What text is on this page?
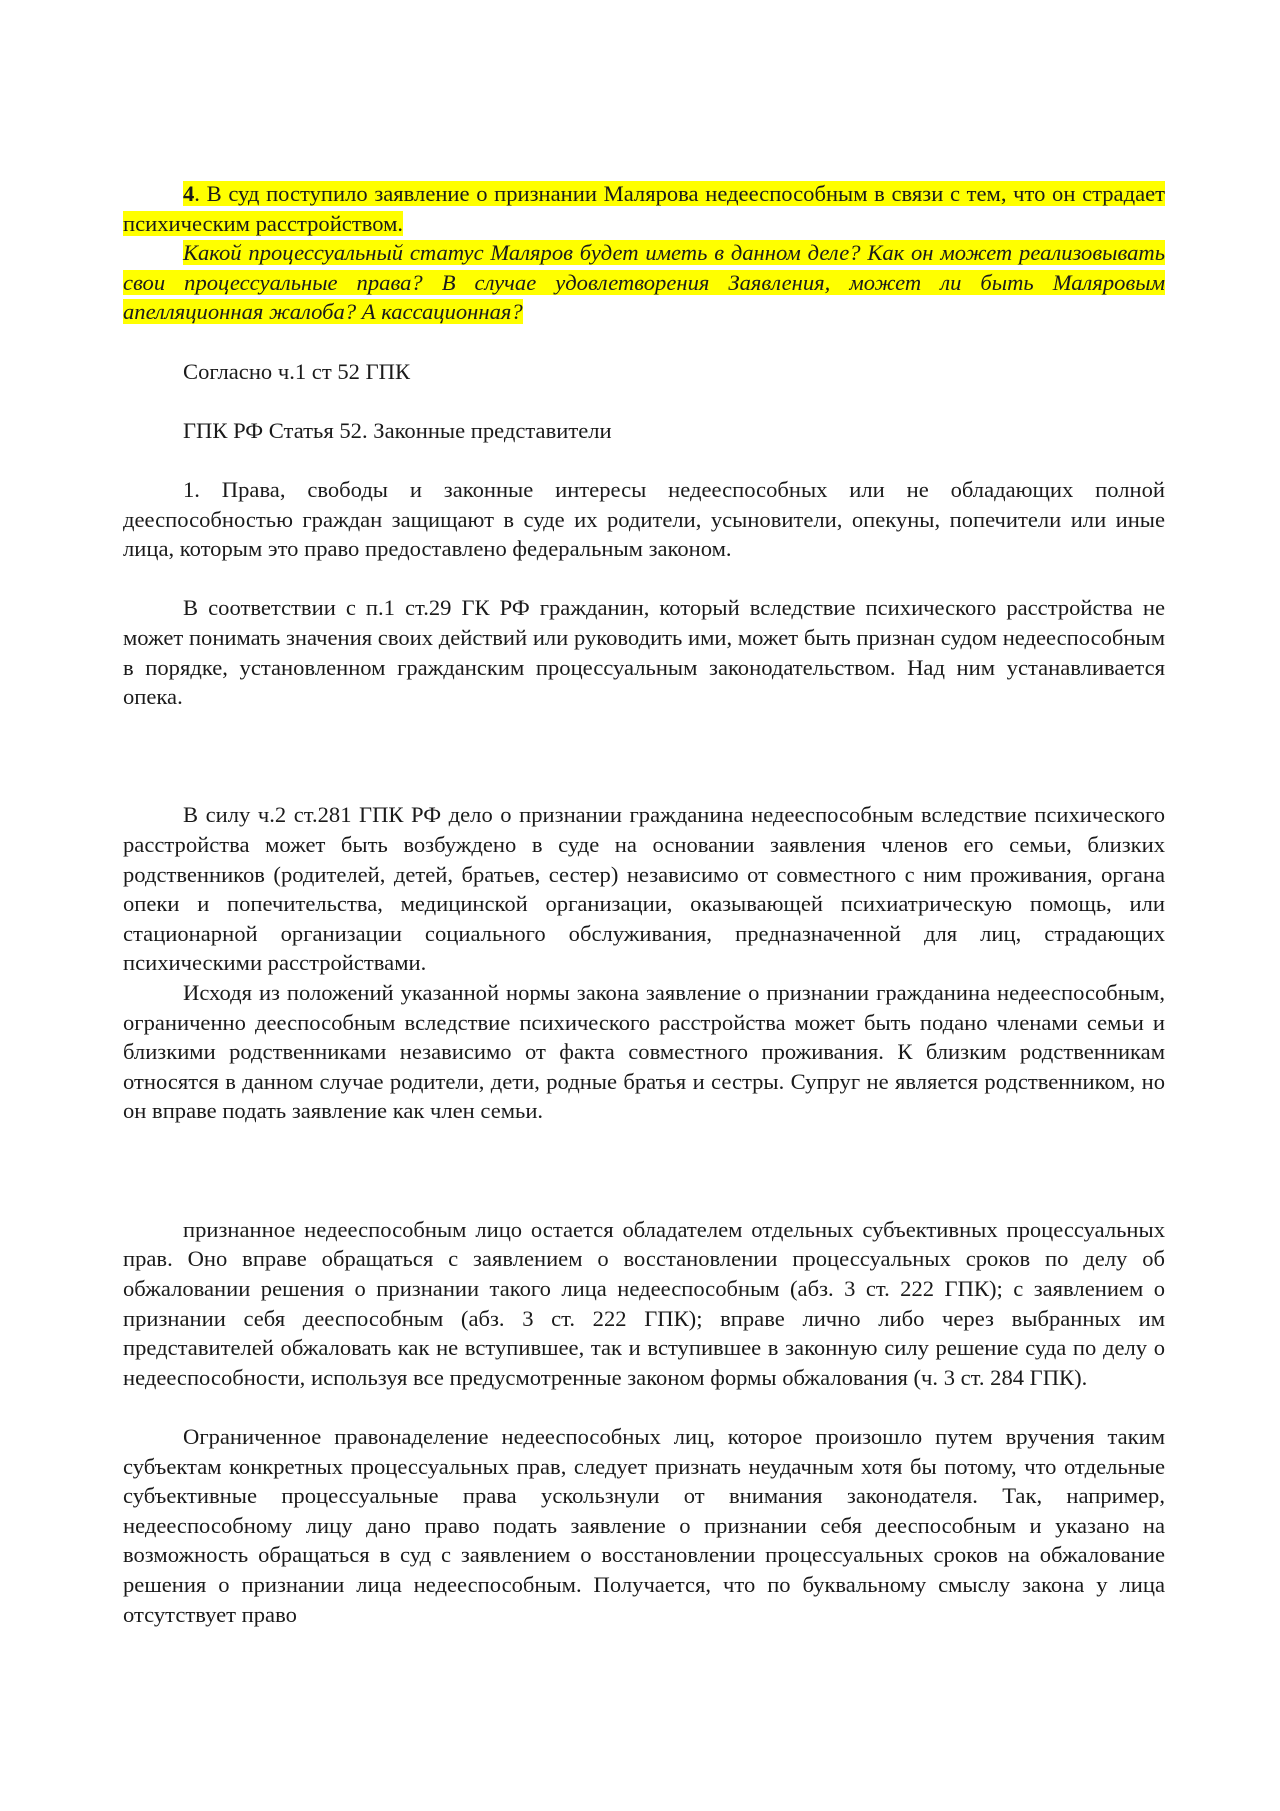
4. В суд поступило заявление о признании Малярова недееспособным в связи с тем, что он страдает психическим расстройством.

Какой процессуальный статус Маляров будет иметь в данном деле? Как он может реализовывать свои процессуальные права? В случае удовлетворения Заявления, может ли быть Маляровым апелляционная жалоба? А кассационная?

Согласно ч.1 ст 52 ГПК

ГПК РФ Статья 52. Законные представители

1. Права, свободы и законные интересы недееспособных или не обладающих полной дееспособностью граждан защищают в суде их родители, усыновители, опекуны, попечители или иные лица, которым это право предоставлено федеральным законом.

В соответствии с п.1 ст.29 ГК РФ гражданин, который вследствие психического расстройства не может понимать значения своих действий или руководить ими, может быть признан судом недееспособным в порядке, установленном гражданским процессуальным законодательством. Над ним устанавливается опека.

В силу ч.2 ст.281 ГПК РФ дело о признании гражданина недееспособным вследствие психического расстройства может быть возбуждено в суде на основании заявления членов его семьи, близких родственников (родителей, детей, братьев, сестер) независимо от совместного с ним проживания, органа опеки и попечительства, медицинской организации, оказывающей психиатрическую помощь, или стационарной организации социального обслуживания, предназначенной для лиц, страдающих психическими расстройствами.

Исходя из положений указанной нормы закона заявление о признании гражданина недееспособным, ограниченно дееспособным вследствие психического расстройства может быть подано членами семьи и близкими родственниками независимо от факта совместного проживания. К близким родственникам относятся в данном случае родители, дети, родные братья и сестры. Супруг не является родственником, но он вправе подать заявление как член семьи.

признанное недееспособным лицо остается обладателем отдельных субъективных процессуальных прав. Оно вправе обращаться с заявлением о восстановлении процессуальных сроков по делу об обжаловании решения о признании такого лица недееспособным (абз. 3 ст. 222 ГПК); с заявлением о признании себя дееспособным (абз. 3 ст. 222 ГПК); вправе лично либо через выбранных им представителей обжаловать как не вступившее, так и вступившее в законную силу решение суда по делу о недееспособности, используя все предусмотренные законом формы обжалования (ч. 3 ст. 284 ГПК).

Ограниченное правонаделение недееспособных лиц, которое произошло путем вручения таким субъектам конкретных процессуальных прав, следует признать неудачным хотя бы потому, что отдельные субъективные процессуальные права ускользнули от внимания законодателя. Так, например, недееспособному лицу дано право подать заявление о признании себя дееспособным и указано на возможность обращаться в суд с заявлением о восстановлении процессуальных сроков на обжалование решения о признании лица недееспособным. Получается, что по буквальному смыслу закона у лица отсутствует право
